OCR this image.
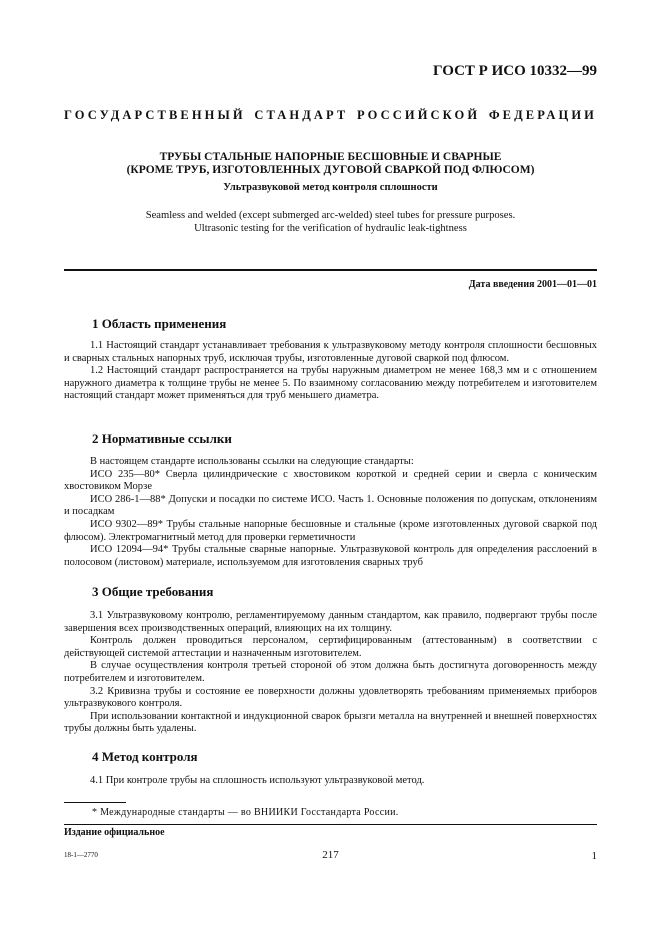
ГОСТ Р ИСО 10332—99
ГОСУДАРСТВЕННЫЙ СТАНДАРТ РОССИЙСКОЙ ФЕДЕРАЦИИ
ТРУБЫ СТАЛЬНЫЕ НАПОРНЫЕ БЕСШОВНЫЕ И СВАРНЫЕ
(КРОМЕ ТРУБ, ИЗГОТОВЛЕННЫХ ДУГОВОЙ СВАРКОЙ ПОД ФЛЮСОМ)
Ультразвуковой метод контроля сплошности
Seamless and welded (except submerged arc-welded) steel tubes for pressure purposes.
Ultrasonic testing for the verification of hydraulic leak-tightness
Дата введения 2001—01—01
1 Область применения

1.1 Настоящий стандарт устанавливает требования к ультразвуковому методу контроля сплошности бесшовных и сварных стальных напорных труб, исключая трубы, изготовленные дуговой сваркой под флюсом.

1.2 Настоящий стандарт распространяется на трубы наружным диаметром не менее 168,3 мм и с отношением наружного диаметра к толщине трубы не менее 5. По взаимному согласованию между потребителем и изготовителем настоящий стандарт может применяться для труб меньшего диаметра.

2 Нормативные ссылки

В настоящем стандарте использованы ссылки на следующие стандарты:

ИСО 235—80* Сверла цилиндрические с хвостовиком короткой и средней серии и сверла с коническим хвостовиком Морзе

ИСО 286-1—88* Допуски и посадки по системе ИСО. Часть 1. Основные положения по допускам, отклонениям и посадкам

ИСО 9302—89* Трубы стальные напорные бесшовные и стальные (кроме изготовленных дуговой сваркой под флюсом). Электромагнитный метод для проверки герметичности

ИСО 12094—94* Трубы стальные сварные напорные. Ультразвуковой контроль для определения расслоений в полосовом (листовом) материале, используемом для изготовления сварных труб

3 Общие требования

3.1 Ультразвуковому контролю, регламентируемому данным стандартом, как правило, подвергают трубы после завершения всех производственных операций, влияющих на их толщину.

Контроль должен проводиться персоналом, сертифицированным (аттестованным) в соответствии с действующей системой аттестации и назначенным изготовителем.

В случае осуществления контроля третьей стороной об этом должна быть достигнута договоренность между потребителем и изготовителем.

3.2 Кривизна трубы и состояние ее поверхности должны удовлетворять требованиям применяемых приборов ультразвукового контроля.

При использовании контактной и индукционной сварок брызги металла на внутренней и внешней поверхностях трубы должны быть удалены.

4 Метод контроля

4.1 При контроле трубы на сплошность используют ультразвуковой метод.

* Международные стандарты — во ВНИИКИ Госстандарта России.
Издание официальное
18-1—2770	217	1
